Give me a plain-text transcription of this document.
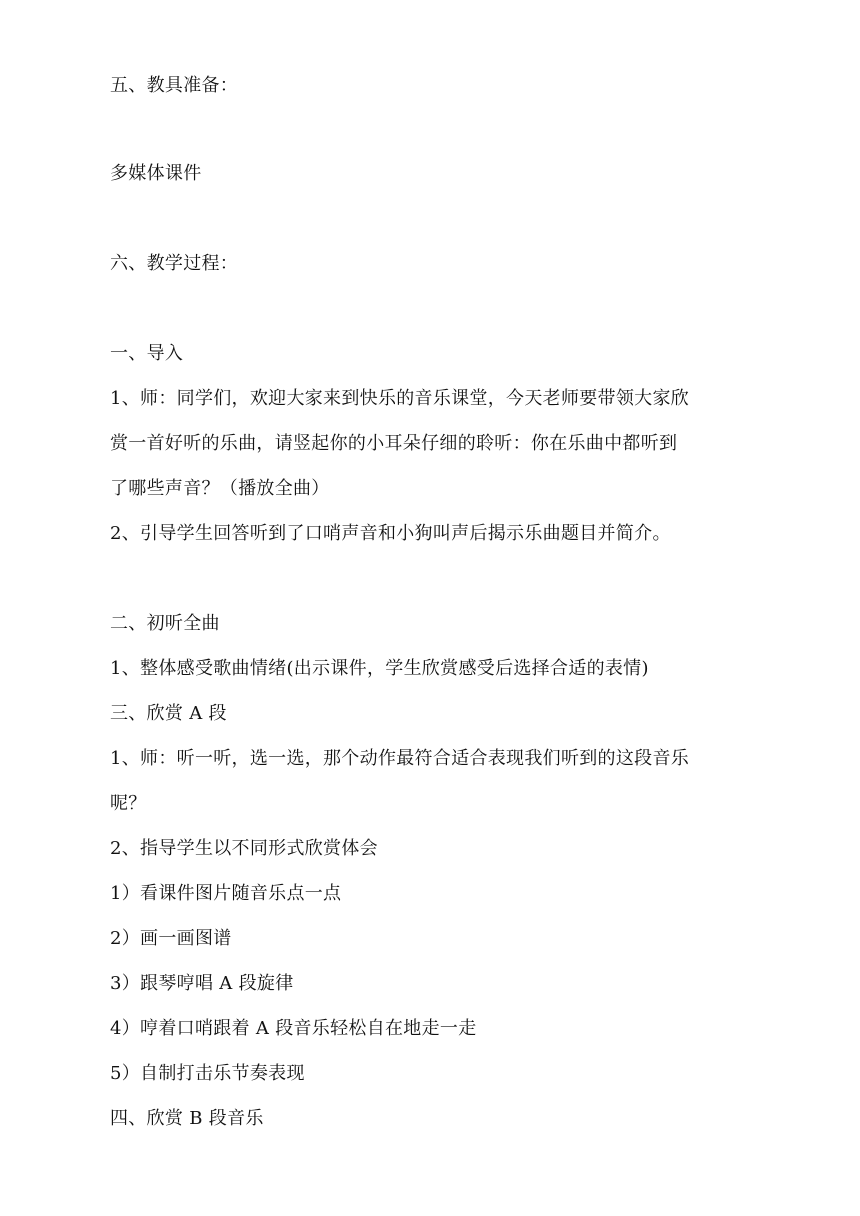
五、教具准备：
多媒体课件
六、教学过程：
一、导入
1、师：同学们，欢迎大家来到快乐的音乐课堂，今天老师要带领大家欣
赏一首好听的乐曲，请竖起你的小耳朵仔细的聆听：你在乐曲中都听到
了哪些声音？（播放全曲）
2、引导学生回答听到了口哨声音和小狗叫声后揭示乐曲题目并简介。
二、初听全曲
1、整体感受歌曲情绪(出示课件，学生欣赏感受后选择合适的表情)
三、欣赏 A 段
1、师：听一听，选一选，那个动作最符合适合表现我们听到的这段音乐
呢？
2、指导学生以不同形式欣赏体会
1）看课件图片随音乐点一点
2）画一画图谱
3）跟琴哼唱 A 段旋律
4）哼着口哨跟着 A 段音乐轻松自在地走一走
5）自制打击乐节奏表现
四、欣赏 B 段音乐
